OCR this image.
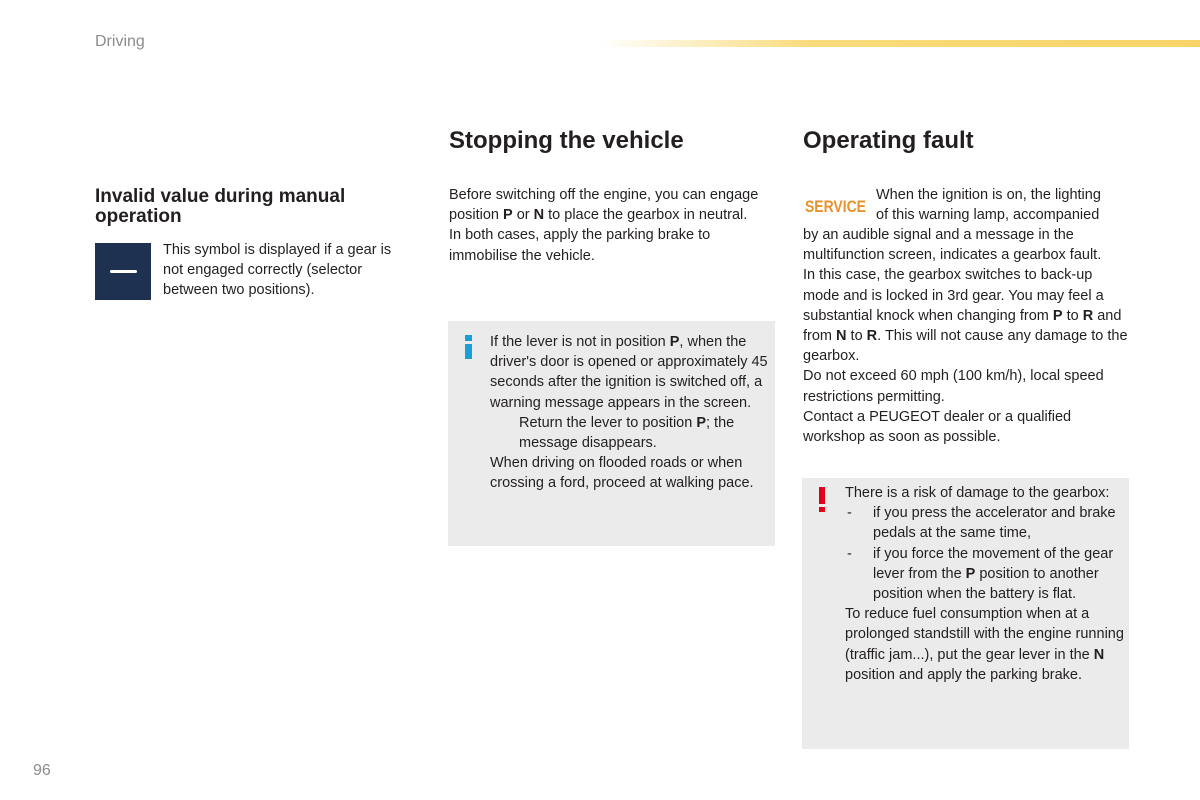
Driving
96
Invalid value during manual operation

This symbol is displayed if a gear is not engaged correctly (selector between two positions).

Stopping the vehicle

Before switching off the engine, you can engage position P or N to place the gearbox in neutral.

In both cases, apply the parking brake to immobilise the vehicle.

If the lever is not in position P, when the driver's door is opened or approximately 45 seconds after the ignition is switched off, a warning message appears in the screen.

Return the lever to position P; the message disappears.

When driving on flooded roads or when crossing a ford, proceed at walking pace.

Operating fault
SERVICE

When the ignition is on, the lighting

of this warning lamp, accompanied

by an audible signal and a message in the multifunction screen, indicates a gearbox fault.

In this case, the gearbox switches to back-up mode and is locked in 3rd gear. You may feel a substantial knock when changing from P to R and from N to R. This will not cause any damage to the gearbox.

Do not exceed 60 mph (100 km/h), local speed restrictions permitting.

Contact a PEUGEOT dealer or a qualified workshop as soon as possible.

There is a risk of damage to the gearbox:

- if you press the accelerator and brake pedals at the same time,
- if you force the movement of the gear lever from the P position to another position when the battery is flat.

To reduce fuel consumption when at a prolonged standstill with the engine running (traffic jam...), put the gear lever in the N position and apply the parking brake.
